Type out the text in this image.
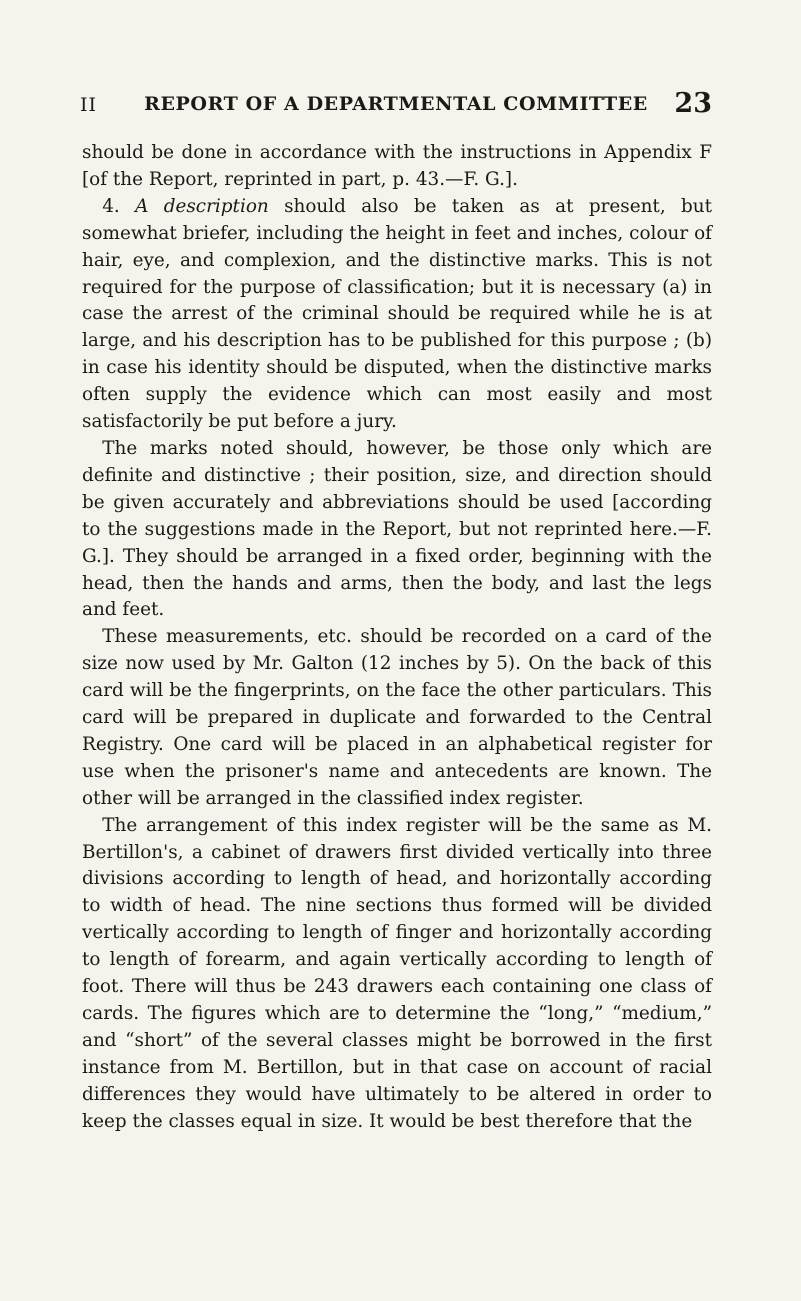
II	REPORT OF A DEPARTMENTAL COMMITTEE 23

should be done in accordance with the instructions in Appendix F [of the Report, reprinted in part, p. 43.—F. G.].

4. A description should also be taken as at present, but somewhat briefer, including the height in feet and inches, colour of hair, eye, and complexion, and the distinctive marks. This is not required for the purpose of classification; but it is necessary (a) in case the arrest of the criminal should be required while he is at large, and his description has to be published for this purpose ; (b) in case his identity should be disputed, when the distinctive marks often supply the evidence which can most easily and most satisfactorily be put before a jury.

The marks noted should, however, be those only which are definite and distinctive ; their position, size, and direction should be given accurately and abbreviations should be used [according to the suggestions made in the Report, but not reprinted here.—F. G.]. They should be arranged in a fixed order, beginning with the head, then the hands and arms, then the body, and last the legs and feet.

These measurements, etc. should be recorded on a card of the size now used by Mr. Galton (12 inches by 5). On the back of this card will be the fingerprints, on the face the other particulars. This card will be prepared in duplicate and forwarded to the Central Registry. One card will be placed in an alphabetical register for use when the prisoner's name and antecedents are known. The other will be arranged in the classified index register.

The arrangement of this index register will be the same as M. Bertillon's, a cabinet of drawers first divided vertically into three divisions according to length of head, and horizontally according to width of head. The nine sections thus formed will be divided vertically according to length of finger and horizontally according to length of forearm, and again vertically according to length of foot. There will thus be 243 drawers each containing one class of cards. The figures which are to determine the “long,” “medium,” and “short” of the several classes might be borrowed in the first instance from M. Bertillon, but in that case on account of racial differences they would have ultimately to be altered in order to keep the classes equal in size. It would be best therefore that the
